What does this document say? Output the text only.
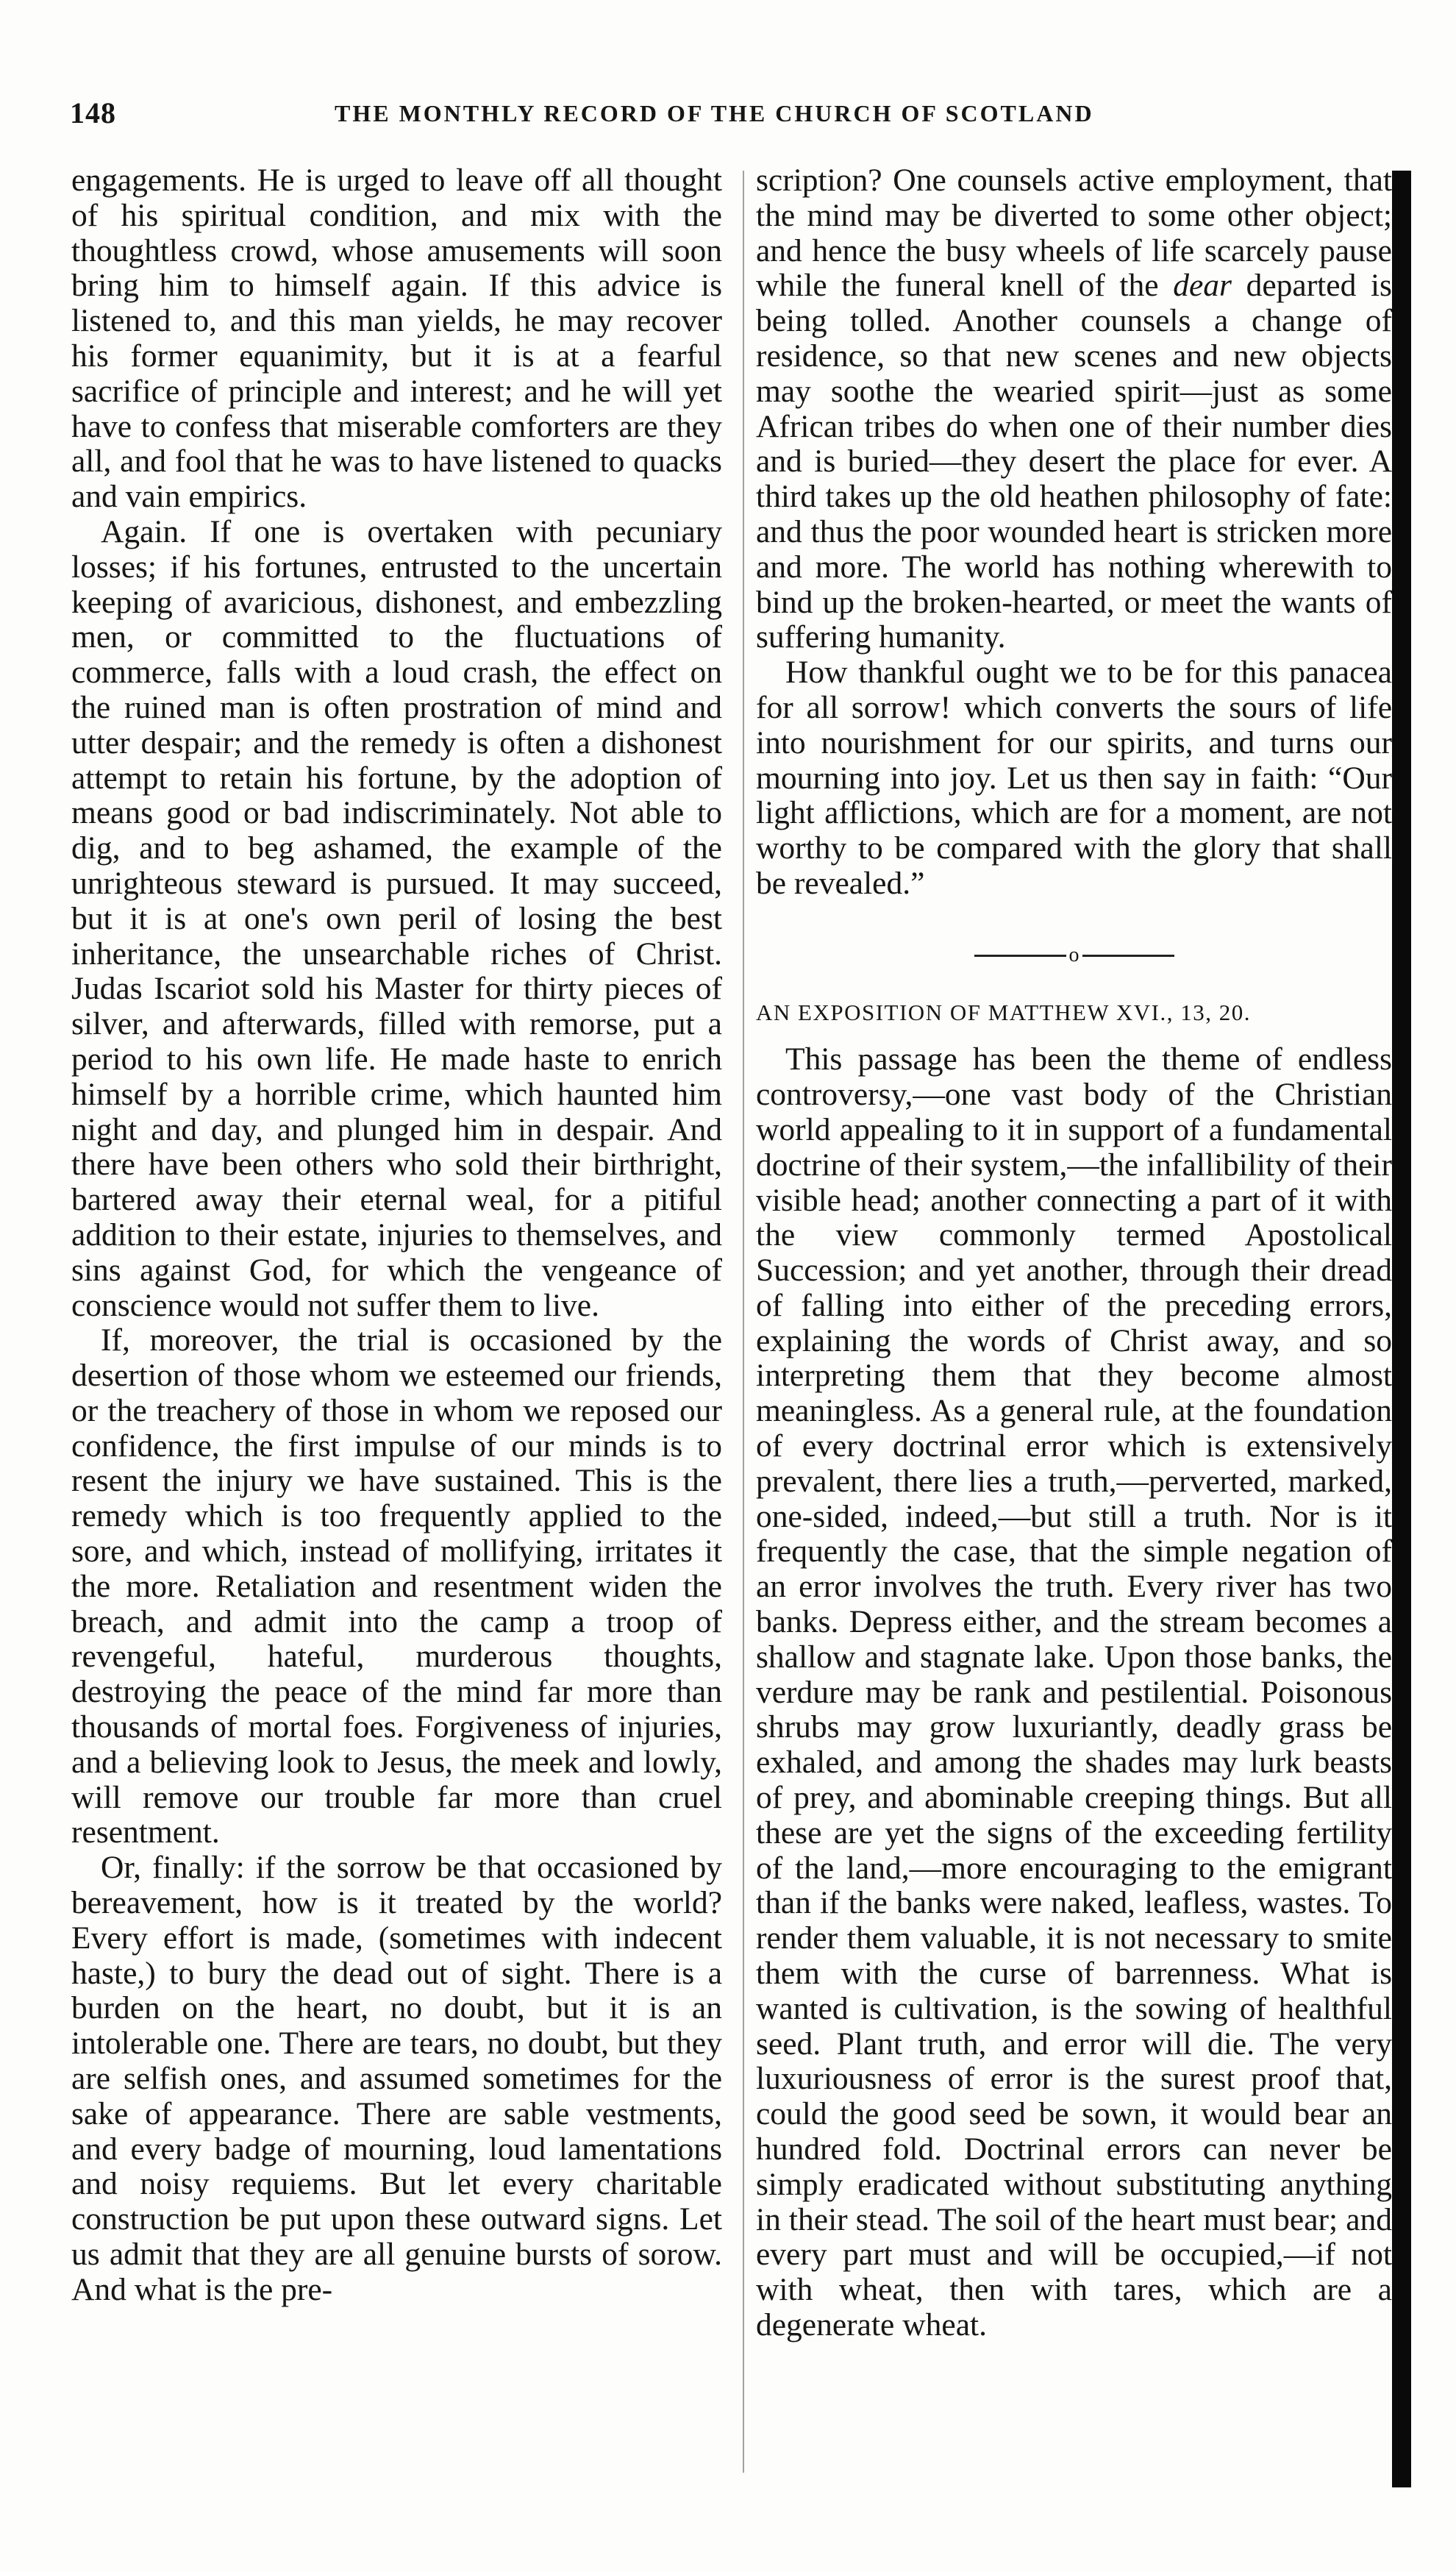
148	THE MONTHLY RECORD OF THE CHURCH OF SCOTLAND

engagements. He is urged to leave off all thought of his spiritual condition, and mix with the thoughtless crowd, whose amusements will soon bring him to himself again. If this advice is listened to, and this man yields, he may recover his former equanimity, but it is at a fearful sacrifice of principle and interest; and he will yet have to confess that miserable comforters are they all, and fool that he was to have listened to quacks and vain empirics.

Again. If one is overtaken with pecuniary losses; if his fortunes, entrusted to the uncertain keeping of avaricious, dishonest, and embezzling men, or committed to the fluctuations of commerce, falls with a loud crash, the effect on the ruined man is often prostration of mind and utter despair; and the remedy is often a dishonest attempt to retain his fortune, by the adoption of means good or bad indiscriminately. Not able to dig, and to beg ashamed, the example of the unrighteous steward is pursued. It may succeed, but it is at one's own peril of losing the best inheritance, the unsearchable riches of Christ. Judas Iscariot sold his Master for thirty pieces of silver, and afterwards, filled with remorse, put a period to his own life. He made haste to enrich himself by a horrible crime, which haunted him night and day, and plunged him in despair. And there have been others who sold their birthright, bartered away their eternal weal, for a pitiful addition to their estate, injuries to themselves, and sins against God, for which the vengeance of conscience would not suffer them to live.

If, moreover, the trial is occasioned by the desertion of those whom we esteemed our friends, or the treachery of those in whom we reposed our confidence, the first impulse of our minds is to resent the injury we have sustained. This is the remedy which is too frequently applied to the sore, and which, instead of mollifying, irritates it the more. Retaliation and resentment widen the breach, and admit into the camp a troop of revengeful, hateful, murderous thoughts, destroying the peace of the mind far more than thousands of mortal foes. Forgiveness of injuries, and a believing look to Jesus, the meek and lowly, will remove our trouble far more than cruel resentment.

Or, finally: if the sorrow be that occasioned by bereavement, how is it treated by the world? Every effort is made, (sometimes with indecent haste,) to bury the dead out of sight. There is a burden on the heart, no doubt, but it is an intolerable one. There are tears, no doubt, but they are selfish ones, and assumed sometimes for the sake of appearance. There are sable vestments, and every badge of mourning, loud lamentations and noisy requiems. But let every charitable construction be put upon these outward signs. Let us admit that they are all genuine bursts of sorow. And what is the pre-

scription? One counsels active employment, that the mind may be diverted to some other object; and hence the busy wheels of life scarcely pause while the funeral knell of the dear departed is being tolled. Another counsels a change of residence, so that new scenes and new objects may soothe the wearied spirit—just as some African tribes do when one of their number dies and is buried—they desert the place for ever. A third takes up the old heathen philosophy of fate: and thus the poor wounded heart is stricken more and more. The world has nothing wherewith to bind up the broken-hearted, or meet the wants of suffering humanity.

How thankful ought we to be for this panacea for all sorrow! which converts the sours of life into nourishment for our spirits, and turns our mourning into joy. Let us then say in faith: “Our light afflictions, which are for a moment, are not worthy to be compared with the glory that shall be revealed.”

o
AN EXPOSITION OF MATTHEW XVI., 13, 20.

This passage has been the theme of endless controversy,—one vast body of the Christian world appealing to it in support of a fundamental doctrine of their system,—the infallibility of their visible head; another connecting a part of it with the view commonly termed Apostolical Succession; and yet another, through their dread of falling into either of the preceding errors, explaining the words of Christ away, and so interpreting them that they become almost meaningless. As a general rule, at the foundation of every doctrinal error which is extensively prevalent, there lies a truth,—perverted, marked, one-sided, indeed,—but still a truth. Nor is it frequently the case, that the simple negation of an error involves the truth. Every river has two banks. Depress either, and the stream becomes a shallow and stagnate lake. Upon those banks, the verdure may be rank and pestilential. Poisonous shrubs may grow luxuriantly, deadly grass be exhaled, and among the shades may lurk beasts of prey, and abominable creeping things. But all these are yet the signs of the exceeding fertility of the land,—more encouraging to the emigrant than if the banks were naked, leafless, wastes. To render them valuable, it is not necessary to smite them with the curse of barrenness. What is wanted is cultivation, is the sowing of healthful seed. Plant truth, and error will die. The very luxuriousness of error is the surest proof that, could the good seed be sown, it would bear an hundred fold. Doctrinal errors can never be simply eradicated without substituting anything in their stead. The soil of the heart must bear; and every part must and will be occupied,—if not with wheat, then with tares, which are a degenerate wheat.
